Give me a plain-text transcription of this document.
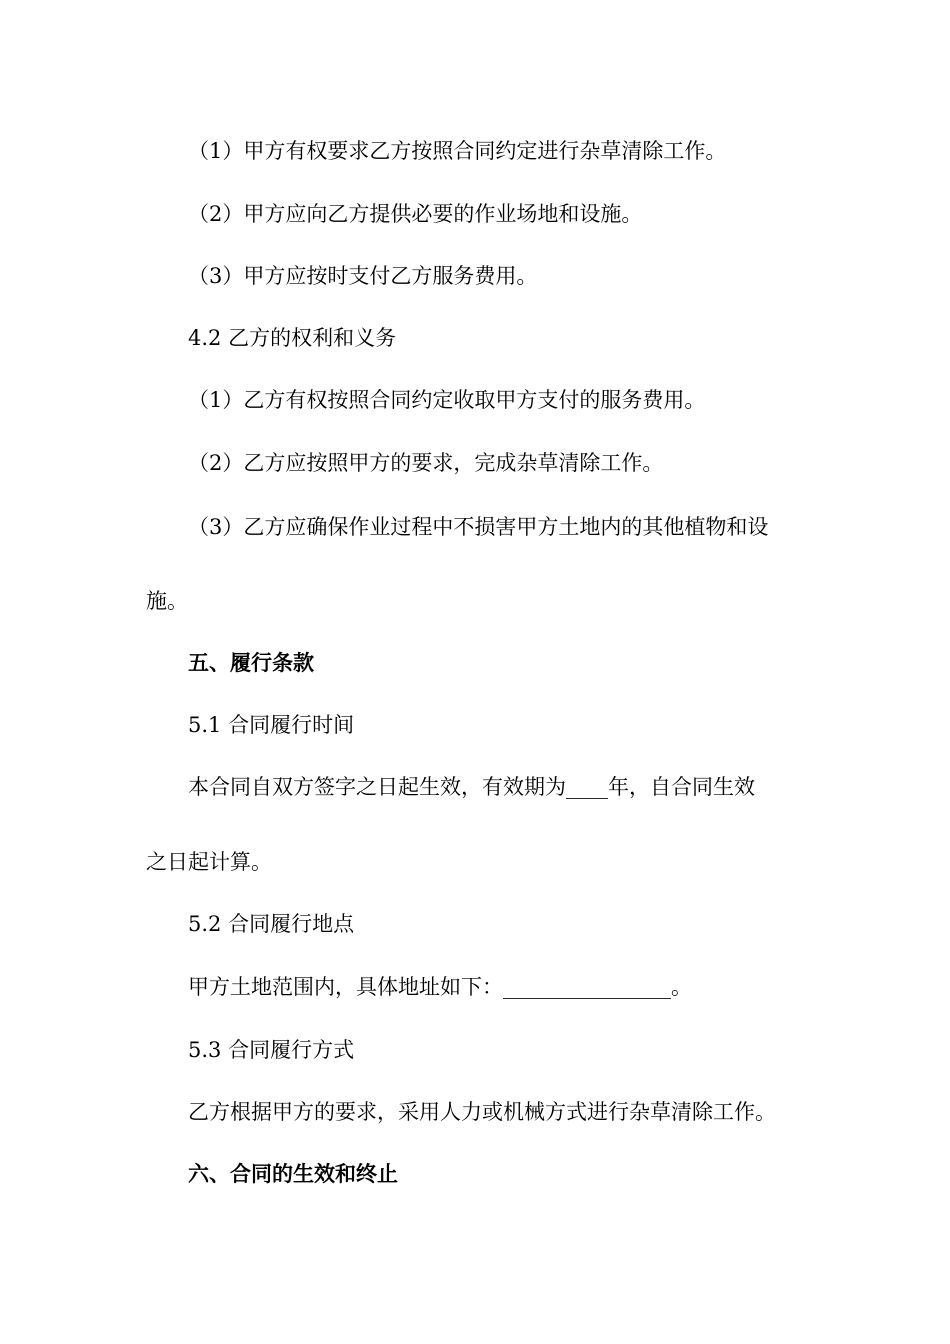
（1）甲方有权要求乙方按照合同约定进行杂草清除工作。
（2）甲方应向乙方提供必要的作业场地和设施。
（3）甲方应按时支付乙方服务费用。
4.2 乙方的权利和义务
（1）乙方有权按照合同约定收取甲方支付的服务费用。
（2）乙方应按照甲方的要求，完成杂草清除工作。
（3）乙方应确保作业过程中不损害甲方土地内的其他植物和设
施。
五、履行条款
5.1 合同履行时间
本合同自双方签字之日起生效，有效期为____年，自合同生效
之日起计算。
5.2 合同履行地点
甲方土地范围内，具体地址如下：________________。
5.3 合同履行方式
乙方根据甲方的要求，采用人力或机械方式进行杂草清除工作。
六、合同的生效和终止
